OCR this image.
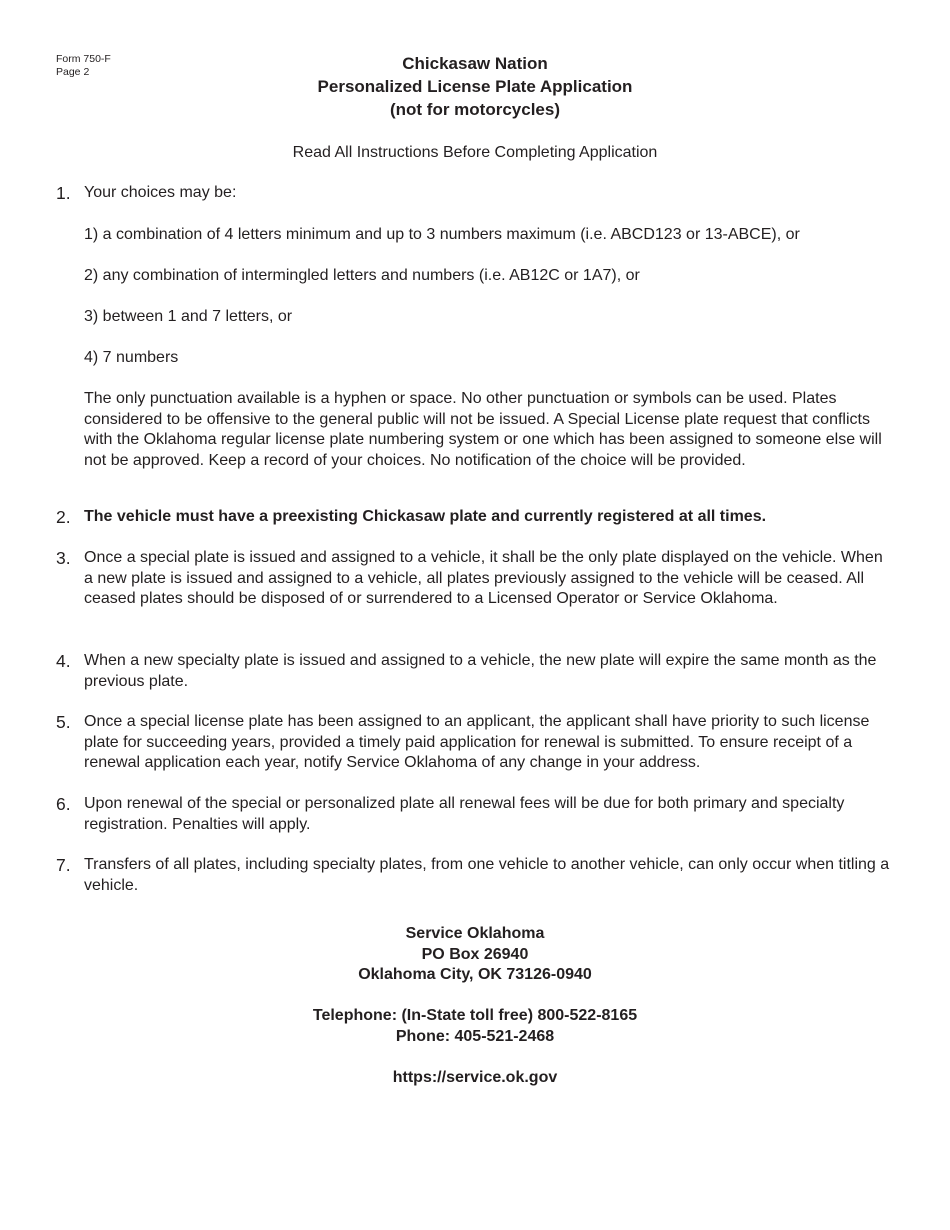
Form 750-F
Page 2	Chickasaw Nation
Personalized License Plate Application
(not for motorcycles)
Read All Instructions Before Completing Application
1. Your choices may be:
1) a combination of 4 letters minimum and up to 3 numbers maximum (i.e. ABCD123 or 13-ABCE), or
2) any combination of intermingled letters and numbers (i.e. AB12C or 1A7), or
3) between 1 and 7 letters, or
4) 7 numbers
The only punctuation available is a hyphen or space. No other punctuation or symbols can be used. Plates considered to be offensive to the general public will not be issued. A Special License plate request that conflicts with the Oklahoma regular license plate numbering system or one which has been assigned to someone else will not be approved. Keep a record of your choices. No notification of the choice will be provided.
2. The vehicle must have a preexisting Chickasaw plate and currently registered at all times.
3. Once a special plate is issued and assigned to a vehicle, it shall be the only plate displayed on the vehicle. When a new plate is issued and assigned to a vehicle, all plates previously assigned to the vehicle will be ceased. All ceased plates should be disposed of or surrendered to a Licensed Operator or Service Oklahoma.
4. When a new specialty plate is issued and assigned to a vehicle, the new plate will expire the same month as the previous plate.
5. Once a special license plate has been assigned to an applicant, the applicant shall have priority to such license plate for succeeding years, provided a timely paid application for renewal is submitted. To ensure receipt of a renewal application each year, notify Service Oklahoma of any change in your address.
6. Upon renewal of the special or personalized plate all renewal fees will be due for both primary and specialty registration. Penalties will apply.
7. Transfers of all plates, including specialty plates, from one vehicle to another vehicle, can only occur when titling a vehicle.
Service Oklahoma
PO Box 26940
Oklahoma City, OK 73126-0940
Telephone: (In-State toll free) 800-522-8165
Phone: 405-521-2468
https://service.ok.gov
